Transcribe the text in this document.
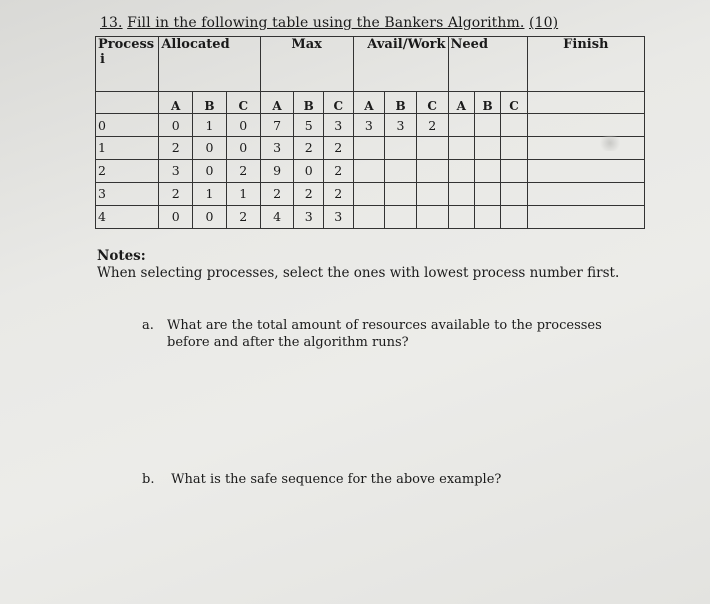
13. Fill in the following table using the Bankers Algorithm. (10)
Process
i	Allocated			Max			Avail/Work			Need			Finish
	A	B	C	A	B	C	A	B	C	A	B	C	
0	0	1	0	7	5	3	3	3	2				
1	2	0	0	3	2	2							
2	3	0	2	9	0	2							
3	2	1	1	2	2	2							
4	0	0	2	4	3	3							
Notes:
When selecting processes, select the ones with lowest process number first.
a. What are the total amount of resources available to the processes before and after the algorithm runs?
b. What is the safe sequence for the above example?
